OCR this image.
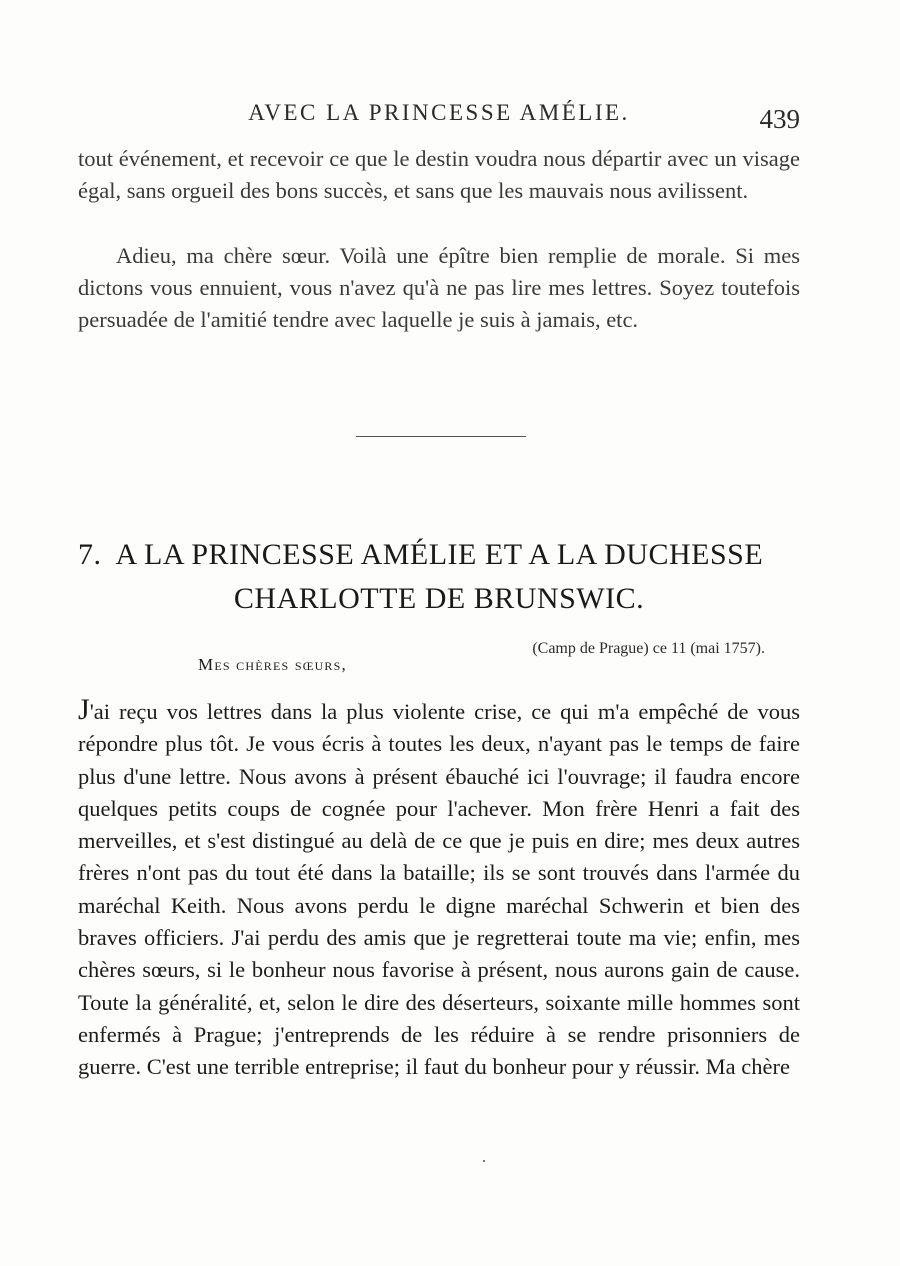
AVEC LA PRINCESSE AMÉLIE.	439

tout événement, et recevoir ce que le destin voudra nous départir avec un visage égal, sans orgueil des bons succès, et sans que les mauvais nous avilissent.

Adieu, ma chère sœur. Voilà une épître bien remplie de morale. Si mes dictons vous ennuient, vous n'avez qu'à ne pas lire mes lettres. Soyez toutefois persuadée de l'amitié tendre avec laquelle je suis à jamais, etc.

7. A LA PRINCESSE AMÉLIE ET A LA DUCHESSE
CHARLOTTE DE BRUNSWIC.
(Camp de Prague) ce 11 (mai 1757).
Mes chères sœurs,

J'ai reçu vos lettres dans la plus violente crise, ce qui m'a empêché de vous répondre plus tôt. Je vous écris à toutes les deux, n'ayant pas le temps de faire plus d'une lettre. Nous avons à présent ébauché ici l'ouvrage; il faudra encore quelques petits coups de cognée pour l'achever. Mon frère Henri a fait des merveilles, et s'est distingué au delà de ce que je puis en dire; mes deux autres frères n'ont pas du tout été dans la bataille; ils se sont trouvés dans l'armée du maréchal Keith. Nous avons perdu le digne maréchal Schwerin et bien des braves officiers. J'ai perdu des amis que je regretterai toute ma vie; enfin, mes chères sœurs, si le bonheur nous favorise à présent, nous aurons gain de cause. Toute la généralité, et, selon le dire des déserteurs, soixante mille hommes sont enfermés à Prague; j'entreprends de les réduire à se rendre prisonniers de guerre. C'est une terrible entreprise; il faut du bonheur pour y réussir. Ma chère
